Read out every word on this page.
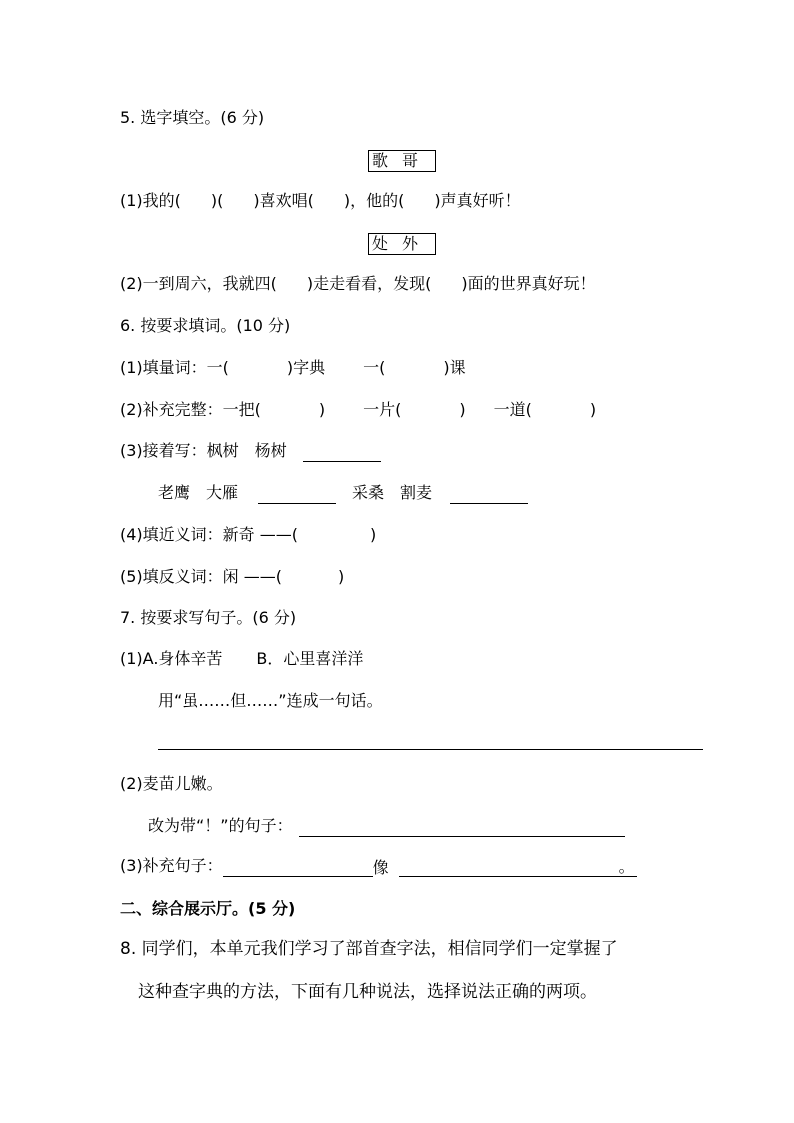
5. 选字填空。(6 分)
歌哥
(1)我的( )( )喜欢唱( )，他的( )声真好听！
处外
(2)一到周六，我就四( )走走看看，发现( )面的世界真好玩！
6. 按要求填词。(10 分)
(1)填量词：一(	)字典 一(	)课
(2)补充完整：一把(	) 一片(	) 一道(	)
(3)接着写：枫树　杨树
老鹰　大雁	采桑　割麦
(4)填近义词：新奇 ——(	)
(5)填反义词：闲 ——(	)
7. 按要求写句子。(6 分)
(1)A.身体辛苦 B．心里喜洋洋
用“虽……但……”连成一句话。
(2)麦苗儿嫩。
改为带“！”的句子：
(3)补充句子：	像	。
二、综合展示厅。(5 分)
8. 同学们，本单元我们学习了部首查字法，相信同学们一定掌握了
这种查字典的方法，下面有几种说法，选择说法正确的两项。
